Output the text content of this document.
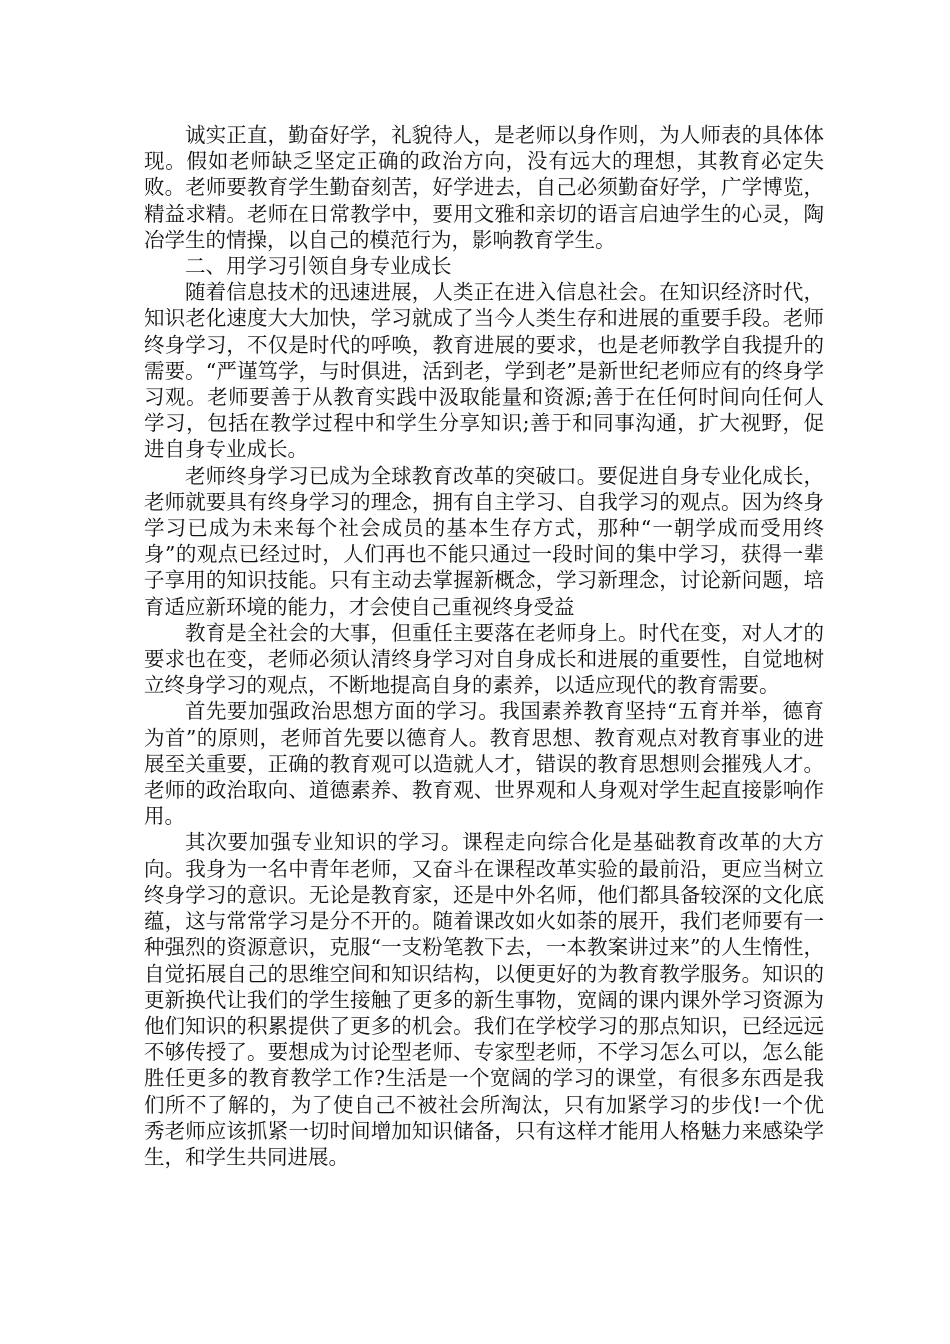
诚实正直，勤奋好学，礼貌待人，是老师以身作则，为人师表的具体体现。假如老师缺乏坚定正确的政治方向，没有远大的理想，其教育必定失败。老师要教育学生勤奋刻苦，好学进去，自己必须勤奋好学，广学博览，精益求精。老师在日常教学中，要用文雅和亲切的语言启迪学生的心灵，陶冶学生的情操，以自己的模范行为，影响教育学生。

二、用学习引领自身专业成长

随着信息技术的迅速进展，人类正在进入信息社会。在知识经济时代，知识老化速度大大加快，学习就成了当今人类生存和进展的重要手段。老师终身学习，不仅是时代的呼唤，教育进展的要求，也是老师教学自我提升的需要。“严谨笃学，与时俱进，活到老，学到老”是新世纪老师应有的终身学习观。老师要善于从教育实践中汲取能量和资源;善于在任何时间向任何人学习，包括在教学过程中和学生分享知识;善于和同事沟通，扩大视野，促进自身专业成长。

老师终身学习已成为全球教育改革的突破口。要促进自身专业化成长，老师就要具有终身学习的理念，拥有自主学习、自我学习的观点。因为终身学习已成为未来每个社会成员的基本生存方式，那种“一朝学成而受用终身”的观点已经过时，人们再也不能只通过一段时间的集中学习，获得一辈子享用的知识技能。只有主动去掌握新概念，学习新理念，讨论新问题，培育适应新环境的能力，才会使自己重视终身受益

教育是全社会的大事，但重任主要落在老师身上。时代在变，对人才的要求也在变，老师必须认清终身学习对自身成长和进展的重要性，自觉地树立终身学习的观点，不断地提高自身的素养，以适应现代的教育需要。

首先要加强政治思想方面的学习。我国素养教育坚持“五育并举，德育为首”的原则，老师首先要以德育人。教育思想、教育观点对教育事业的进展至关重要，正确的教育观可以造就人才，错误的教育思想则会摧残人才。老师的政治取向、道德素养、教育观、世界观和人身观对学生起直接影响作用。

其次要加强专业知识的学习。课程走向综合化是基础教育改革的大方向。我身为一名中青年老师，又奋斗在课程改革实验的最前沿，更应当树立终身学习的意识。无论是教育家，还是中外名师，他们都具备较深的文化底蕴，这与常常学习是分不开的。随着课改如火如荼的展开，我们老师要有一种强烈的资源意识，克服“一支粉笔教下去，一本教案讲过来”的人生惰性，自觉拓展自己的思维空间和知识结构，以便更好的为教育教学服务。知识的更新换代让我们的学生接触了更多的新生事物，宽阔的课内课外学习资源为他们知识的积累提供了更多的机会。我们在学校学习的那点知识，已经远远不够传授了。要想成为讨论型老师、专家型老师，不学习怎么可以，怎么能胜任更多的教育教学工作?生活是一个宽阔的学习的课堂，有很多东西是我们所不了解的，为了使自己不被社会所淘汰，只有加紧学习的步伐!一个优秀老师应该抓紧一切时间增加知识储备，只有这样才能用人格魅力来感染学生，和学生共同进展。
